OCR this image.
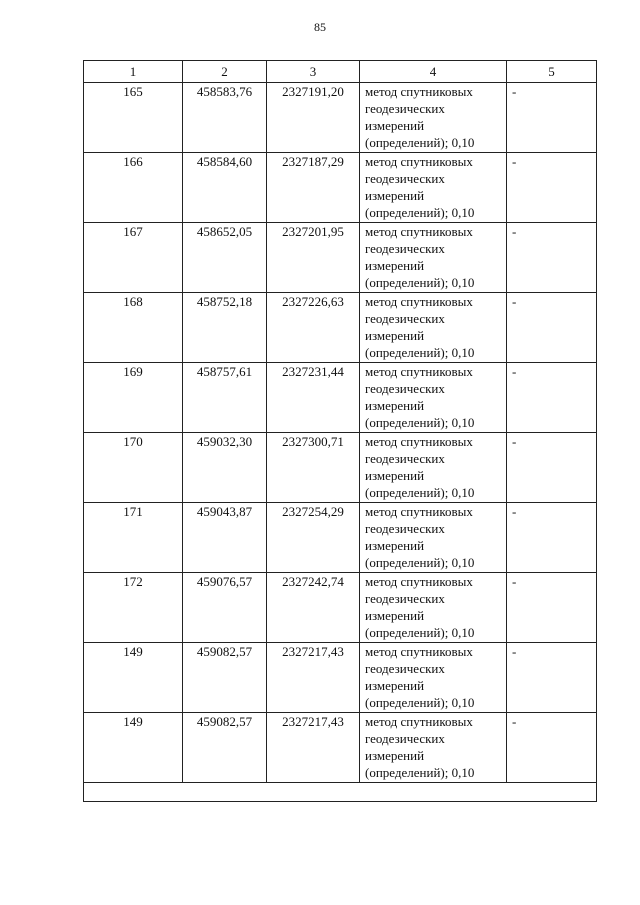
85
1	2	3	4	5
165	458583,76	2327191,20	метод спутниковых геодезических измерений (определений); 0,10	-
166	458584,60	2327187,29	метод спутниковых геодезических измерений (определений); 0,10	-
167	458652,05	2327201,95	метод спутниковых геодезических измерений (определений); 0,10	-
168	458752,18	2327226,63	метод спутниковых геодезических измерений (определений); 0,10	-
169	458757,61	2327231,44	метод спутниковых геодезических измерений (определений); 0,10	-
170	459032,30	2327300,71	метод спутниковых геодезических измерений (определений); 0,10	-
171	459043,87	2327254,29	метод спутниковых геодезических измерений (определений); 0,10	-
172	459076,57	2327242,74	метод спутниковых геодезических измерений (определений); 0,10	-
149	459082,57	2327217,43	метод спутниковых геодезических измерений (определений); 0,10	-
149	459082,57	2327217,43	метод спутниковых геодезических измерений (определений); 0,10	-
